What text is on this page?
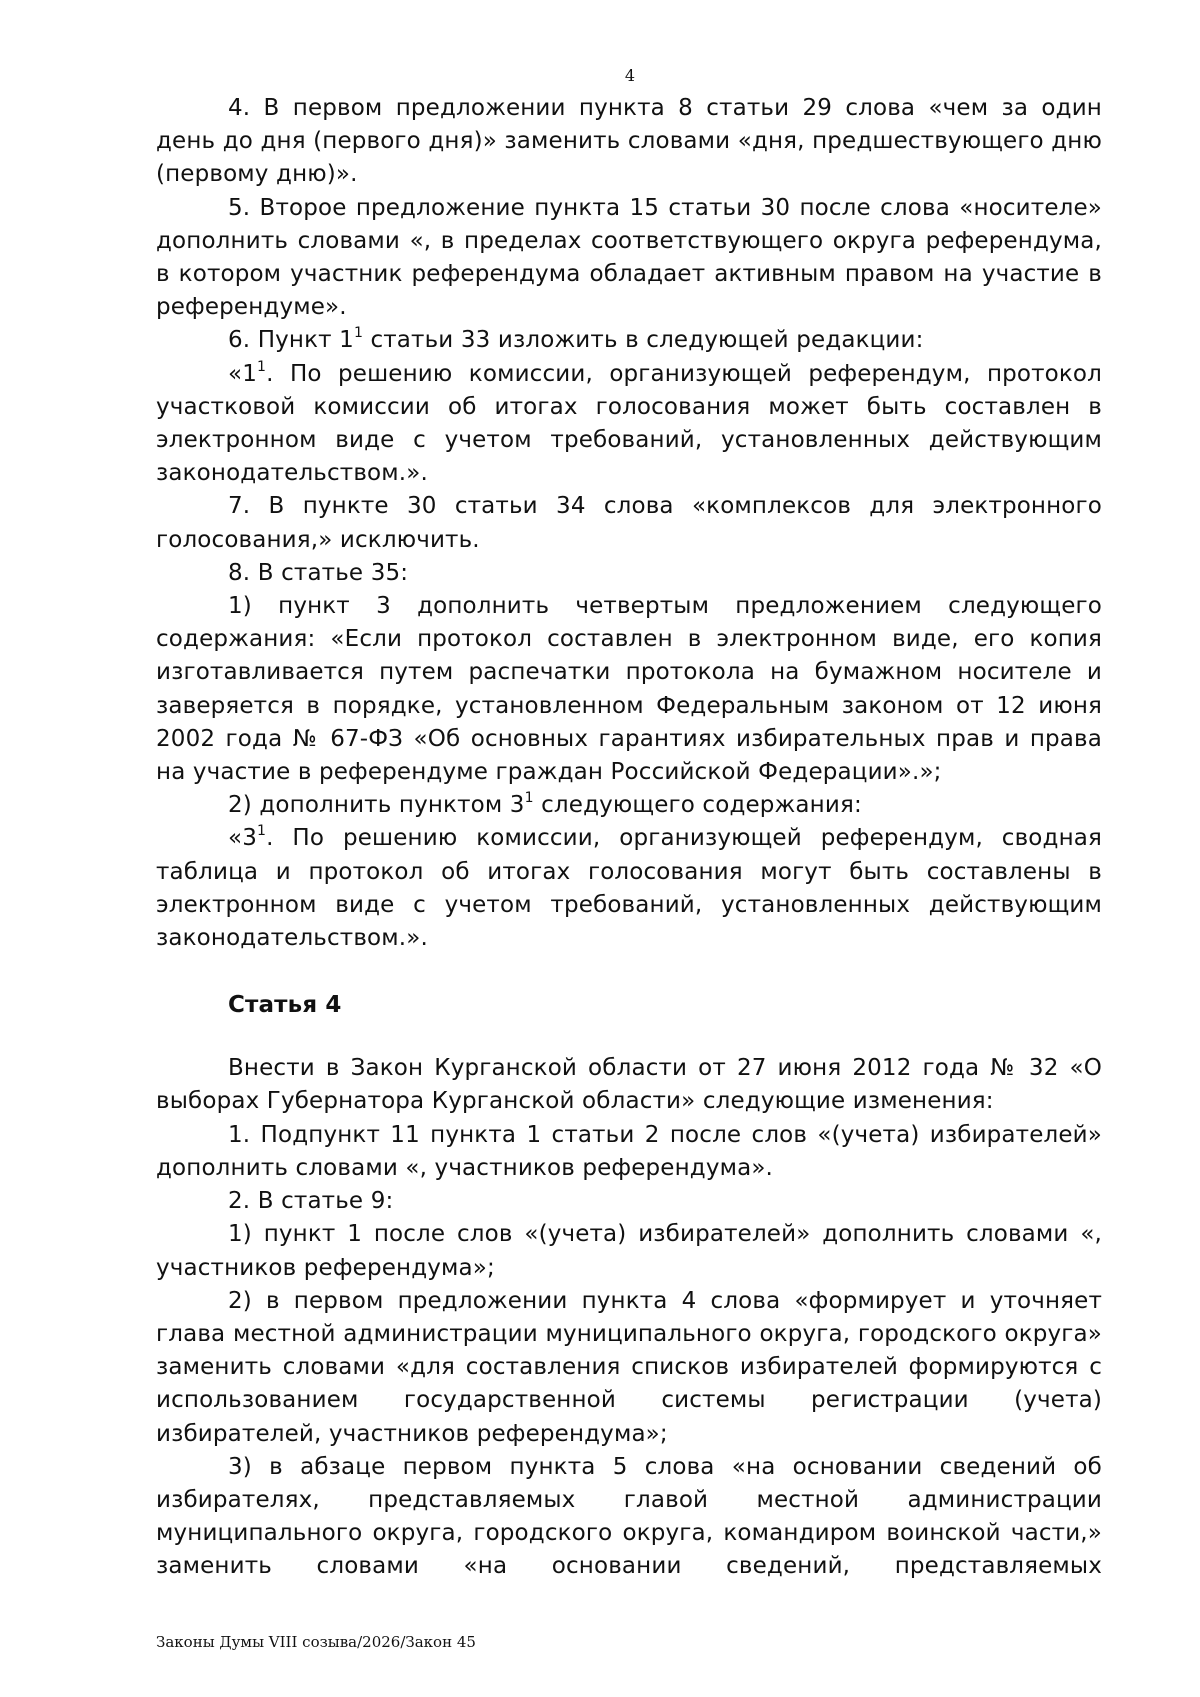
4

4. В первом предложении пункта 8 статьи 29 слова «чем за один день до дня (первого дня)» заменить словами «дня, предшествующего дню (первому дню)».

5. Второе предложение пункта 15 статьи 30 после слова «носителе» дополнить словами «, в пределах соответствующего округа референдума, в котором участник референдума обладает активным правом на участие в референдуме».

6. Пункт $1^1$ статьи 33 изложить в следующей редакции:

«$1^1$. По решению комиссии, организующей референдум, протокол участковой комиссии об итогах голосования может быть составлен в электронном виде с учетом требований, установленных действующим законодательством.».

7. В пункте 30 статьи 34 слова «комплексов для электронного голосования,» исключить.

8. В статье 35:

1) пункт 3 дополнить четвертым предложением следующего содержания: «Если протокол составлен в электронном виде, его копия изготавливается путем распечатки протокола на бумажном носителе и заверяется в порядке, установленном Федеральным законом от 12 июня 2002 года № 67-ФЗ «Об основных гарантиях избирательных прав и права на участие в референдуме граждан Российской Федерации».»;

2) дополнить пунктом $3^1$ следующего содержания:

«$3^1$. По решению комиссии, организующей референдум, сводная таблица и протокол об итогах голосования могут быть составлены в электронном виде с учетом требований, установленных действующим законодательством.».

Статья 4

Внести в Закон Курганской области от 27 июня 2012 года № 32 «О выборах Губернатора Курганской области» следующие изменения:

1. Подпункт 11 пункта 1 статьи 2 после слов «(учета) избирателей» дополнить словами «, участников референдума».

2. В статье 9:

1) пункт 1 после слов «(учета) избирателей» дополнить словами «, участников референдума»;

2) в первом предложении пункта 4 слова «формирует и уточняет глава местной администрации муниципального округа, городского округа» заменить словами «для составления списков избирателей формируются с использованием государственной системы регистрации (учета) избирателей, участников референдума»;

3) в абзаце первом пункта 5 слова «на основании сведений об избирателях, представляемых главой местной администрации муниципального округа, городского округа, командиром воинской части,» заменить словами «на основании сведений, представляемых

Законы Думы VIII созыва/2026/Закон 45
